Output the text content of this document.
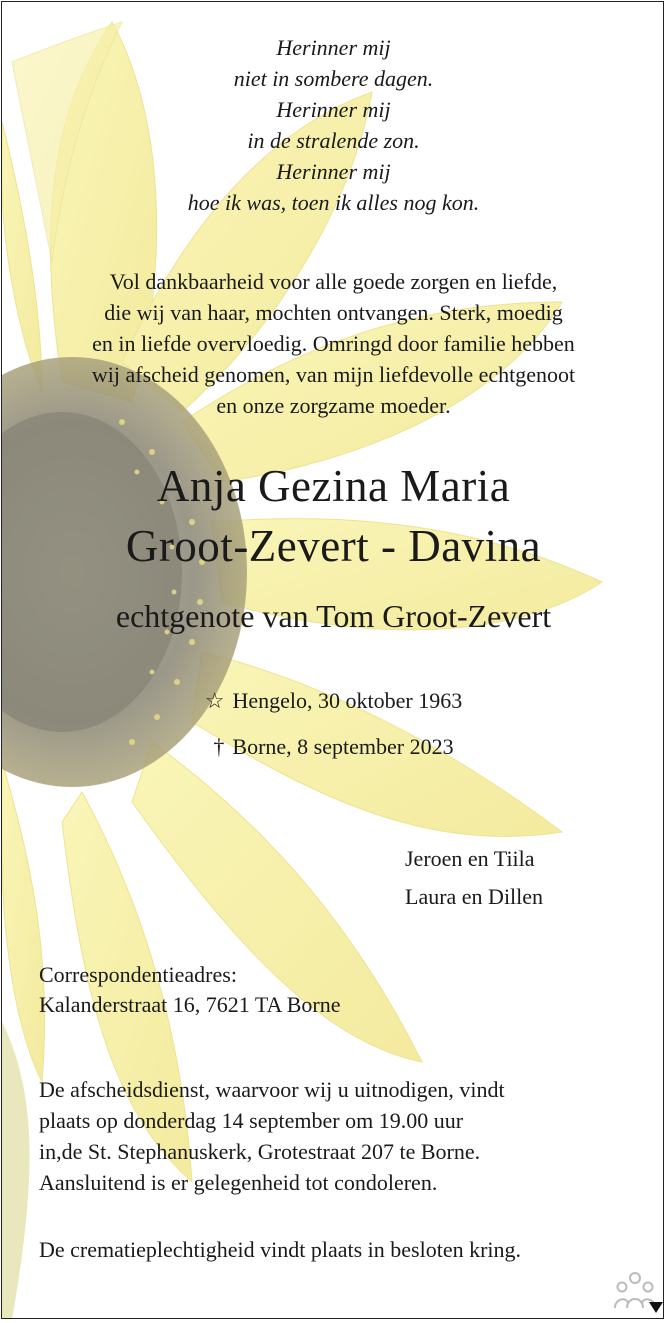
Herinner mij
niet in sombere dagen.
Herinner mij
in de stralende zon.
Herinner mij
hoe ik was, toen ik alles nog kon.
Vol dankbaarheid voor alle goede zorgen en liefde,
die wij van haar, mochten ontvangen. Sterk, moedig
en in liefde overvloedig. Omringd door familie hebben
wij afscheid genomen, van mijn liefdevolle echtgenoot
en onze zorgzame moeder.
Anja Gezina Maria
Groot-Zevert - Davina
echtgenote van Tom Groot-Zevert
☆ Hengelo, 30 oktober 1963
† Borne, 8 september 2023
Jeroen en Tiila
Laura en Dillen
Correspondentieadres:
Kalanderstraat 16, 7621 TA Borne
De afscheidsdienst, waarvoor wij u uitnodigen, vindt
plaats op donderdag 14 september om 19.00 uur
in,de St. Stephanuskerk, Grotestraat 207 te Borne.
Aansluitend is er gelegenheid tot condoleren.
De crematieplechtigheid vindt plaats in besloten kring.
